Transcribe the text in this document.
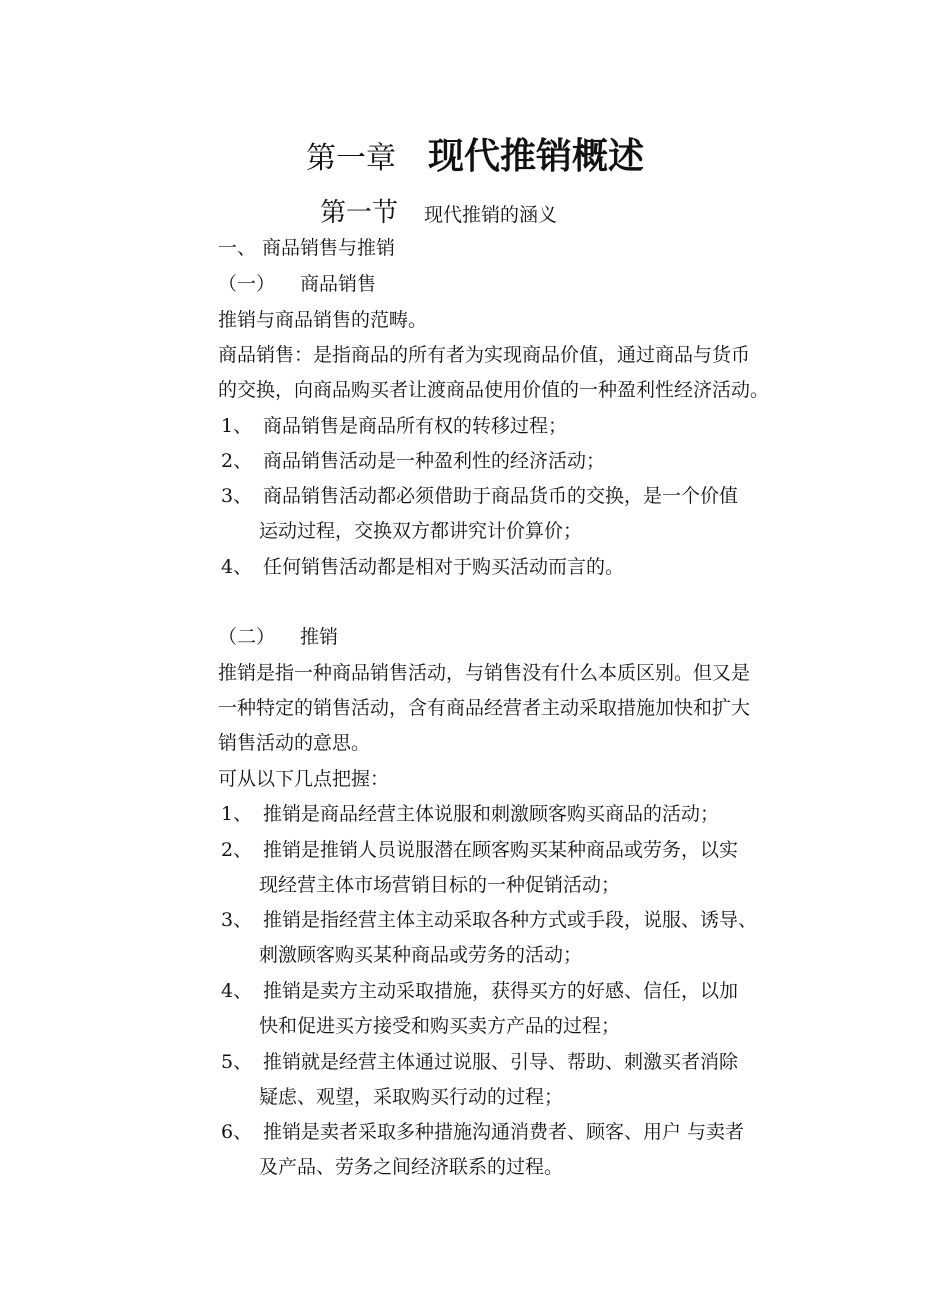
第一章 现代推销概述
第一节 现代推销的涵义
一、 商品销售与推销
（一） 商品销售
推销与商品销售的范畴。
商品销售：是指商品的所有者为实现商品价值，通过商品与货币
的交换，向商品购买者让渡商品使用价值的一种盈利性经济活动。
1、 商品销售是商品所有权的转移过程；
2、 商品销售活动是一种盈利性的经济活动；
3、 商品销售活动都必须借助于商品货币的交换，是一个价值
运动过程，交换双方都讲究计价算价；
4、 任何销售活动都是相对于购买活动而言的。
（二） 推销
推销是指一种商品销售活动，与销售没有什么本质区别。但又是
一种特定的销售活动，含有商品经营者主动采取措施加快和扩大
销售活动的意思。
可从以下几点把握：
1、 推销是商品经营主体说服和刺激顾客购买商品的活动；
2、 推销是推销人员说服潜在顾客购买某种商品或劳务，以实
现经营主体市场营销目标的一种促销活动；
3、 推销是指经营主体主动采取各种方式或手段，说服、诱导、
刺激顾客购买某种商品或劳务的活动；
4、 推销是卖方主动采取措施，获得买方的好感、信任，以加
快和促进买方接受和购买卖方产品的过程；
5、 推销就是经营主体通过说服、引导、帮助、刺激买者消除
疑虑、观望，采取购买行动的过程；
6、 推销是卖者采取多种措施沟通消费者、顾客、用户 与卖者
及产品、劳务之间经济联系的过程。
